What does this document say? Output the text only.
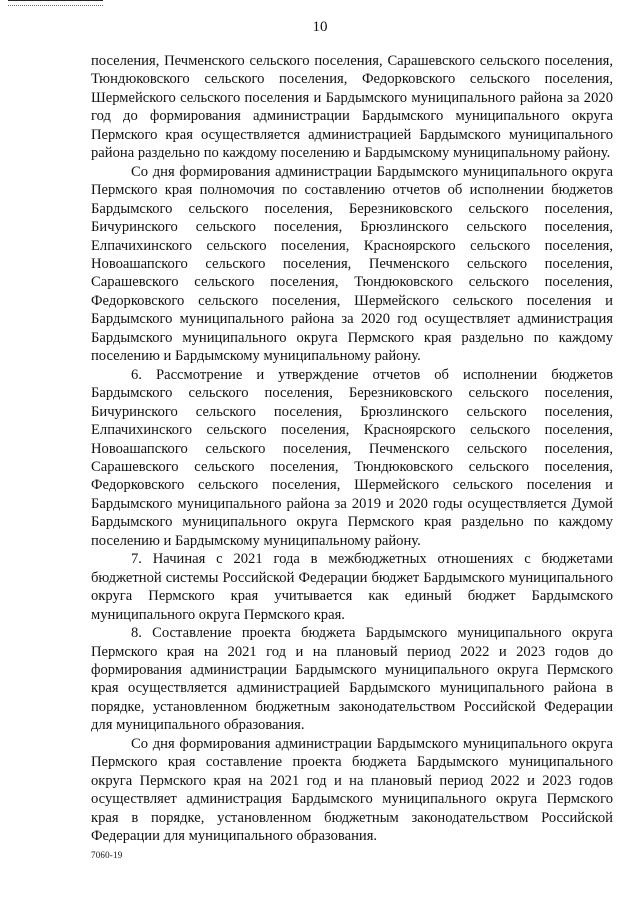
10

поселения, Печменского сельского поселения, Сарашевского сельского поселения, Тюндюковского сельского поселения, Федорковского сельского поселения, Шермейского сельского поселения и Бардымского муниципального района за 2020 год до формирования администрации Бардымского муниципального округа Пермского края осуществляется администрацией Бардымского муниципального района раздельно по каждому поселению и Бардымскому муниципальному району.

Со дня формирования администрации Бардымского муниципального округа Пермского края полномочия по составлению отчетов об исполнении бюджетов Бардымского сельского поселения, Березниковского сельского поселения, Бичуринского сельского поселения, Брюзлинского сельского поселения, Елпачихинского сельского поселения, Красноярского сельского поселения, Новоашапского сельского поселения, Печменского сельского поселения, Сарашевского сельского поселения, Тюндюковского сельского поселения, Федорковского сельского поселения, Шермейского сельского поселения и Бардымского муниципального района за 2020 год осуществляет администрация Бардымского муниципального округа Пермского края раздельно по каждому поселению и Бардымскому муниципальному району.

6. Рассмотрение и утверждение отчетов об исполнении бюджетов Бардымского сельского поселения, Березниковского сельского поселения, Бичуринского сельского поселения, Брюзлинского сельского поселения, Елпачихинского сельского поселения, Красноярского сельского поселения, Новоашапского сельского поселения, Печменского сельского поселения, Сарашевского сельского поселения, Тюндюковского сельского поселения, Федорковского сельского поселения, Шермейского сельского поселения и Бардымского муниципального района за 2019 и 2020 годы осуществляется Думой Бардымского муниципального округа Пермского края раздельно по каждому поселению и Бардымскому муниципальному району.

7. Начиная с 2021 года в межбюджетных отношениях с бюджетами бюджетной системы Российской Федерации бюджет Бардымского муниципального округа Пермского края учитывается как единый бюджет Бардымского муниципального округа Пермского края.

8. Составление проекта бюджета Бардымского муниципального округа Пермского края на 2021 год и на плановый период 2022 и 2023 годов до формирования администрации Бардымского муниципального округа Пермского края осуществляется администрацией Бардымского муниципального района в порядке, установленном бюджетным законодательством Российской Федерации для муниципального образования.

Со дня формирования администрации Бардымского муниципального округа Пермского края составление проекта бюджета Бардымского муниципального округа Пермского края на 2021 год и на плановый период 2022 и 2023 годов осуществляет администрация Бардымского муниципального округа Пермского края в порядке, установленном бюджетным законодательством Российской Федерации для муниципального образования.

7060-19
